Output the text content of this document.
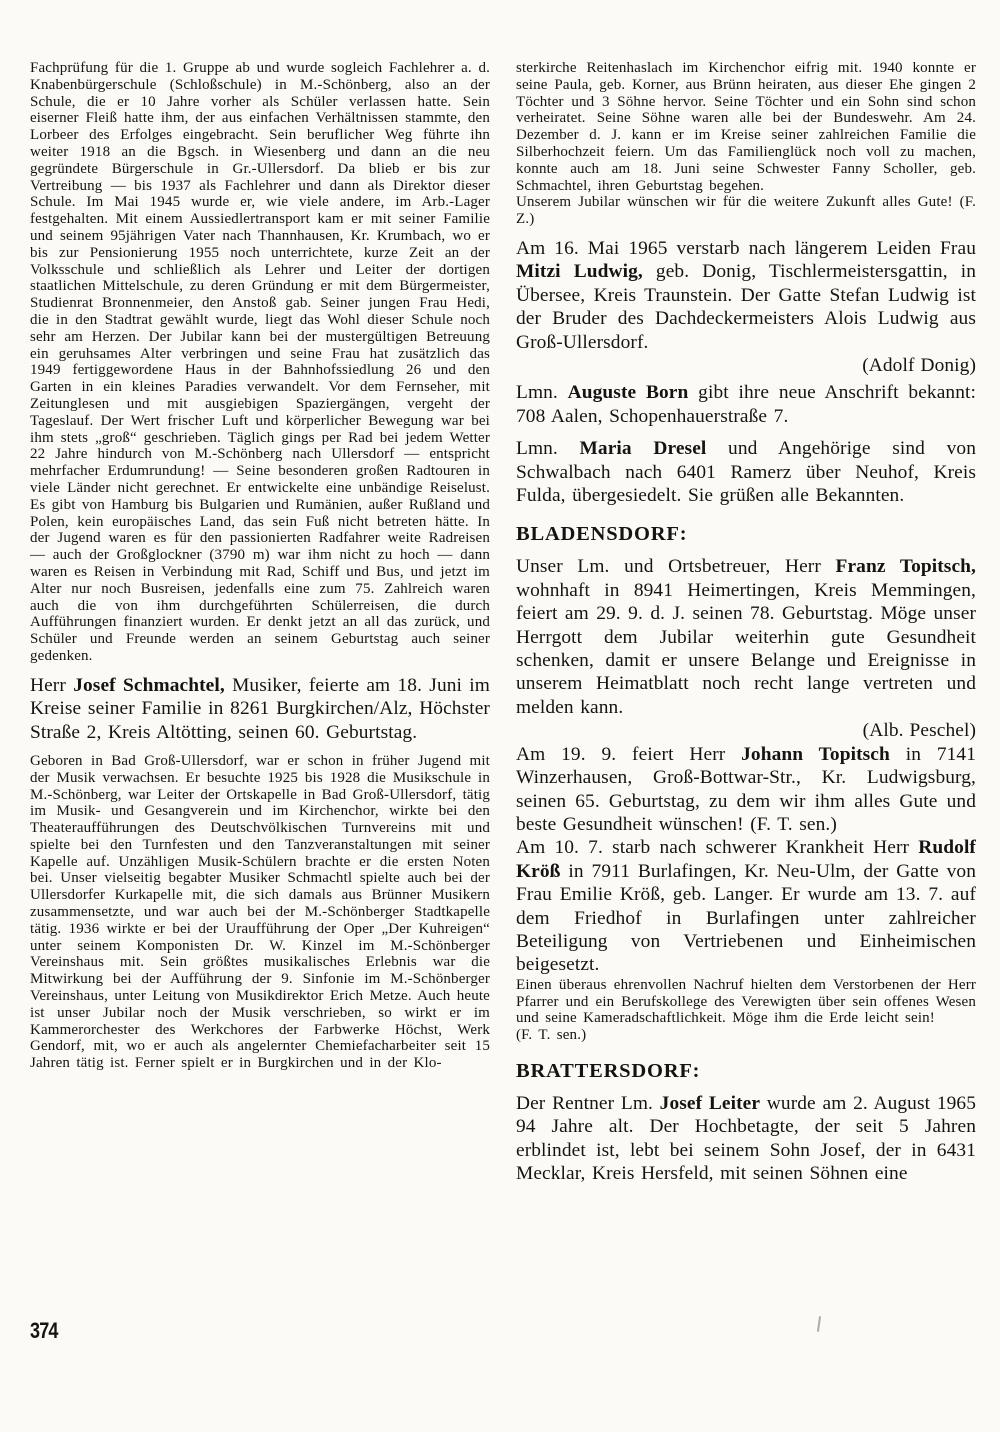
Fachprüfung für die 1. Gruppe ab und wurde sogleich Fachlehrer a. d. Knabenbürgerschule (Schloßschule) in M.-Schönberg, also an der Schule, die er 10 Jahre vorher als Schüler verlassen hatte. Sein eiserner Fleiß hatte ihm, der aus einfachen Verhältnissen stammte, den Lorbeer des Erfolges eingebracht. Sein beruflicher Weg führte ihn weiter 1918 an die Bgsch. in Wiesenberg und dann an die neu gegründete Bürgerschule in Gr.-Ullersdorf. Da blieb er bis zur Vertreibung — bis 1937 als Fachlehrer und dann als Direktor dieser Schule. Im Mai 1945 wurde er, wie viele andere, im Arb.-Lager festgehalten. Mit einem Aussiedlertransport kam er mit seiner Familie und seinem 95jährigen Vater nach Thannhausen, Kr. Krumbach, wo er bis zur Pensionierung 1955 noch unterrichtete, kurze Zeit an der Volksschule und schließlich als Lehrer und Leiter der dortigen staatlichen Mittelschule, zu deren Gründung er mit dem Bürgermeister, Studienrat Bronnenmeier, den Anstoß gab. Seiner jungen Frau Hedi, die in den Stadtrat gewählt wurde, liegt das Wohl dieser Schule noch sehr am Herzen. Der Jubilar kann bei der mustergültigen Betreuung ein geruhsames Alter verbringen und seine Frau hat zusätzlich das 1949 fertiggewordene Haus in der Bahnhofssiedlung 26 und den Garten in ein kleines Paradies verwandelt. Vor dem Fernseher, mit Zeitunglesen und mit ausgiebigen Spaziergängen, vergeht der Tageslauf. Der Wert frischer Luft und körperlicher Bewegung war bei ihm stets „groß“ geschrieben. Täglich gings per Rad bei jedem Wetter 22 Jahre hindurch von M.-Schönberg nach Ullersdorf — entspricht mehrfacher Erdumrundung! — Seine besonderen großen Radtouren in viele Länder nicht gerechnet. Er entwickelte eine unbändige Reiselust. Es gibt von Hamburg bis Bulgarien und Rumänien, außer Rußland und Polen, kein europäisches Land, das sein Fuß nicht betreten hätte. In der Jugend waren es für den passionierten Radfahrer weite Radreisen — auch der Großglockner (3790 m) war ihm nicht zu hoch — dann waren es Reisen in Verbindung mit Rad, Schiff und Bus, und jetzt im Alter nur noch Busreisen, jedenfalls eine zum 75. Zahlreich waren auch die von ihm durchgeführten Schülerreisen, die durch Aufführungen finanziert wurden. Er denkt jetzt an all das zurück, und Schüler und Freunde werden an seinem Geburtstag auch seiner gedenken.

Herr Josef Schmachtel, Musiker, feierte am 18. Juni im Kreise seiner Familie in 8261 Burgkirchen/Alz, Höchster Straße 2, Kreis Altötting, seinen 60. Geburtstag.

Geboren in Bad Groß-Ullersdorf, war er schon in früher Jugend mit der Musik verwachsen. Er besuchte 1925 bis 1928 die Musikschule in M.-Schönberg, war Leiter der Ortskapelle in Bad Groß-Ullersdorf, tätig im Musik- und Gesangverein und im Kirchenchor, wirkte bei den Theateraufführungen des Deutschvölkischen Turnvereins mit und spielte bei den Turnfesten und den Tanzveranstaltungen mit seiner Kapelle auf. Unzähligen Musik-Schülern brachte er die ersten Noten bei. Unser vielseitig begabter Musiker Schmachtl spielte auch bei der Ullersdorfer Kurkapelle mit, die sich damals aus Brünner Musikern zusammensetzte, und war auch bei der M.-Schönberger Stadtkapelle tätig. 1936 wirkte er bei der Uraufführung der Oper „Der Kuhreigen“ unter seinem Komponisten Dr. W. Kinzel im M.-Schönberger Vereinshaus mit. Sein größtes musikalisches Erlebnis war die Mitwirkung bei der Aufführung der 9. Sinfonie im M.-Schönberger Vereinshaus, unter Leitung von Musikdirektor Erich Metze. Auch heute ist unser Jubilar noch der Musik verschrieben, so wirkt er im Kammerorchester des Werkchores der Farbwerke Höchst, Werk Gendorf, mit, wo er auch als angelernter Chemiefacharbeiter seit 15 Jahren tätig ist. Ferner spielt er in Burgkirchen und in der Klo-

sterkirche Reitenhaslach im Kirchenchor eifrig mit. 1940 konnte er seine Paula, geb. Korner, aus Brünn heiraten, aus dieser Ehe gingen 2 Töchter und 3 Söhne hervor. Seine Töchter und ein Sohn sind schon verheiratet. Seine Söhne waren alle bei der Bundeswehr. Am 24. Dezember d. J. kann er im Kreise seiner zahlreichen Familie die Silberhochzeit feiern. Um das Familienglück noch voll zu machen, konnte auch am 18. Juni seine Schwester Fanny Scholler, geb. Schmachtel, ihren Geburtstag begehen.

Unserem Jubilar wünschen wir für die weitere Zukunft alles Gute! (F. Z.)

Am 16. Mai 1965 verstarb nach längerem Leiden Frau Mitzi Ludwig, geb. Donig, Tischlermeistersgattin, in Übersee, Kreis Traunstein. Der Gatte Stefan Ludwig ist der Bruder des Dachdeckermeisters Alois Ludwig aus Groß-Ullersdorf.

(Adolf Donig)

Lmn. Auguste Born gibt ihre neue Anschrift bekannt: 708 Aalen, Schopenhauerstraße 7.

Lmn. Maria Dresel und Angehörige sind von Schwalbach nach 6401 Ramerz über Neuhof, Kreis Fulda, übergesiedelt. Sie grüßen alle Bekannten.

BLADENSDORF:

Unser Lm. und Ortsbetreuer, Herr Franz Topitsch, wohnhaft in 8941 Heimertingen, Kreis Memmingen, feiert am 29. 9. d. J. seinen 78. Geburtstag. Möge unser Herrgott dem Jubilar weiterhin gute Gesundheit schenken, damit er unsere Belange und Ereignisse in unserem Heimatblatt noch recht lange vertreten und melden kann.

(Alb. Peschel)

Am 19. 9. feiert Herr Johann Topitsch in 7141 Winzerhausen, Groß-Bottwar-Str., Kr. Ludwigsburg, seinen 65. Geburtstag, zu dem wir ihm alles Gute und beste Gesundheit wünschen! (F. T. sen.)

Am 10. 7. starb nach schwerer Krankheit Herr Rudolf Kröß in 7911 Burlafingen, Kr. Neu-Ulm, der Gatte von Frau Emilie Kröß, geb. Langer. Er wurde am 13. 7. auf dem Friedhof in Burlafingen unter zahlreicher Beteiligung von Vertriebenen und Einheimischen beigesetzt.

Einen überaus ehrenvollen Nachruf hielten dem Verstorbenen der Herr Pfarrer und ein Berufskollege des Verewigten über sein offenes Wesen und seine Kameradschaftlichkeit. Möge ihm die Erde leicht sein!

(F. T. sen.)

BRATTERSDORF:

Der Rentner Lm. Josef Leiter wurde am 2. August 1965 94 Jahre alt. Der Hochbetagte, der seit 5 Jahren erblindet ist, lebt bei seinem Sohn Josef, der in 6431 Mecklar, Kreis Hersfeld, mit seinen Söhnen eine

374
